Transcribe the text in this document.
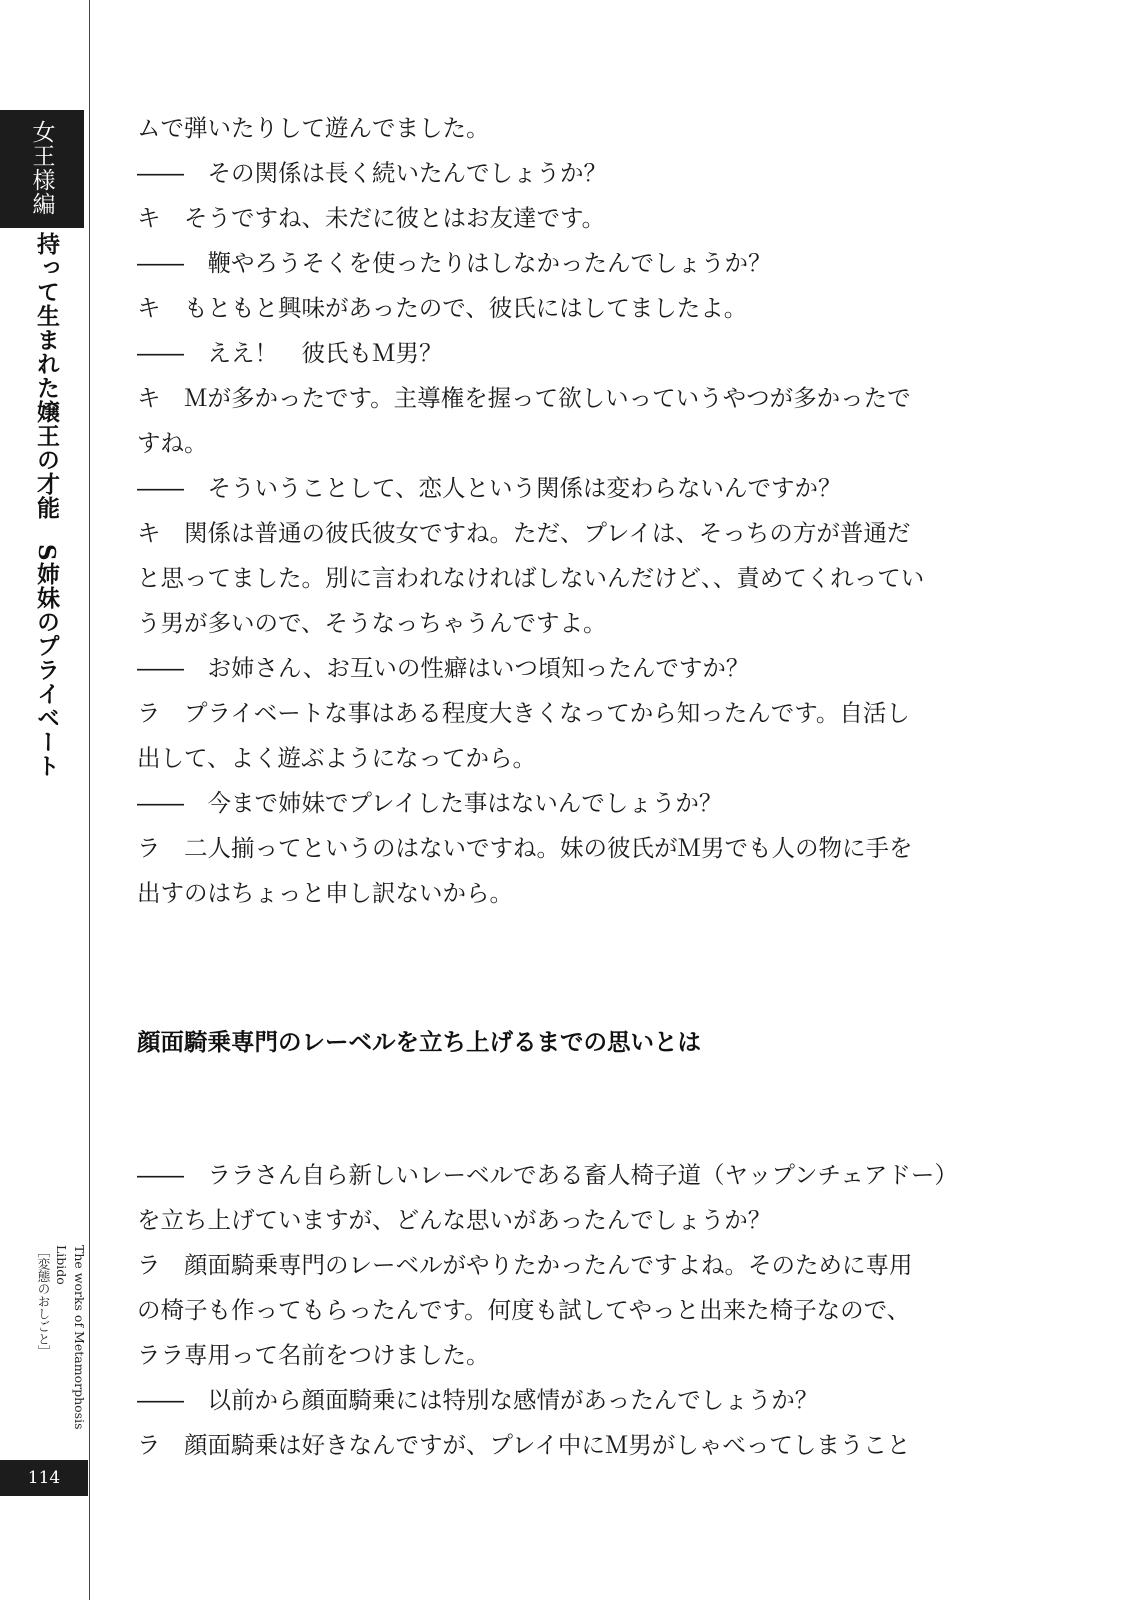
女王様編
持って生まれた嬢王の才能　S姉妹のプライベート
The works of Metamorphosis Libido
［変態のおしごと］
114

ムで弾いたりして遊んでました。

――　その関係は長く続いたんでしょうか？

キ　そうですね、未だに彼とはお友達です。

――　鞭やろうそくを使ったりはしなかったんでしょうか？

キ　もともと興味があったので、彼氏にはしてましたよ。

――　ええ！　彼氏もＭ男？

キ　Ｍが多かったです。主導権を握って欲しいっていうやつが多かったで

すね。

――　そういうことして、恋人という関係は変わらないんですか？

キ　関係は普通の彼氏彼女ですね。ただ、プレイは、そっちの方が普通だ

と思ってました。別に言われなければしないんだけど、、責めてくれってい

う男が多いので、そうなっちゃうんですよ。

――　お姉さん、お互いの性癖はいつ頃知ったんですか？

ラ　プライベートな事はある程度大きくなってから知ったんです。自活し

出して、よく遊ぶようになってから。

――　今まで姉妹でプレイした事はないんでしょうか？

ラ　二人揃ってというのはないですね。妹の彼氏がＭ男でも人の物に手を

出すのはちょっと申し訳ないから。

顔面騎乗専門のレーベルを立ち上げるまでの思いとは

――　ララさん自ら新しいレーベルである畜人椅子道（ヤップンチェアドー）

を立ち上げていますが、どんな思いがあったんでしょうか？

ラ　顔面騎乗専門のレーベルがやりたかったんですよね。そのために専用

の椅子も作ってもらったんです。何度も試してやっと出来た椅子なので、

ララ専用って名前をつけました。

――　以前から顔面騎乗には特別な感情があったんでしょうか？

ラ　顔面騎乗は好きなんですが、プレイ中にＭ男がしゃべってしまうこと
